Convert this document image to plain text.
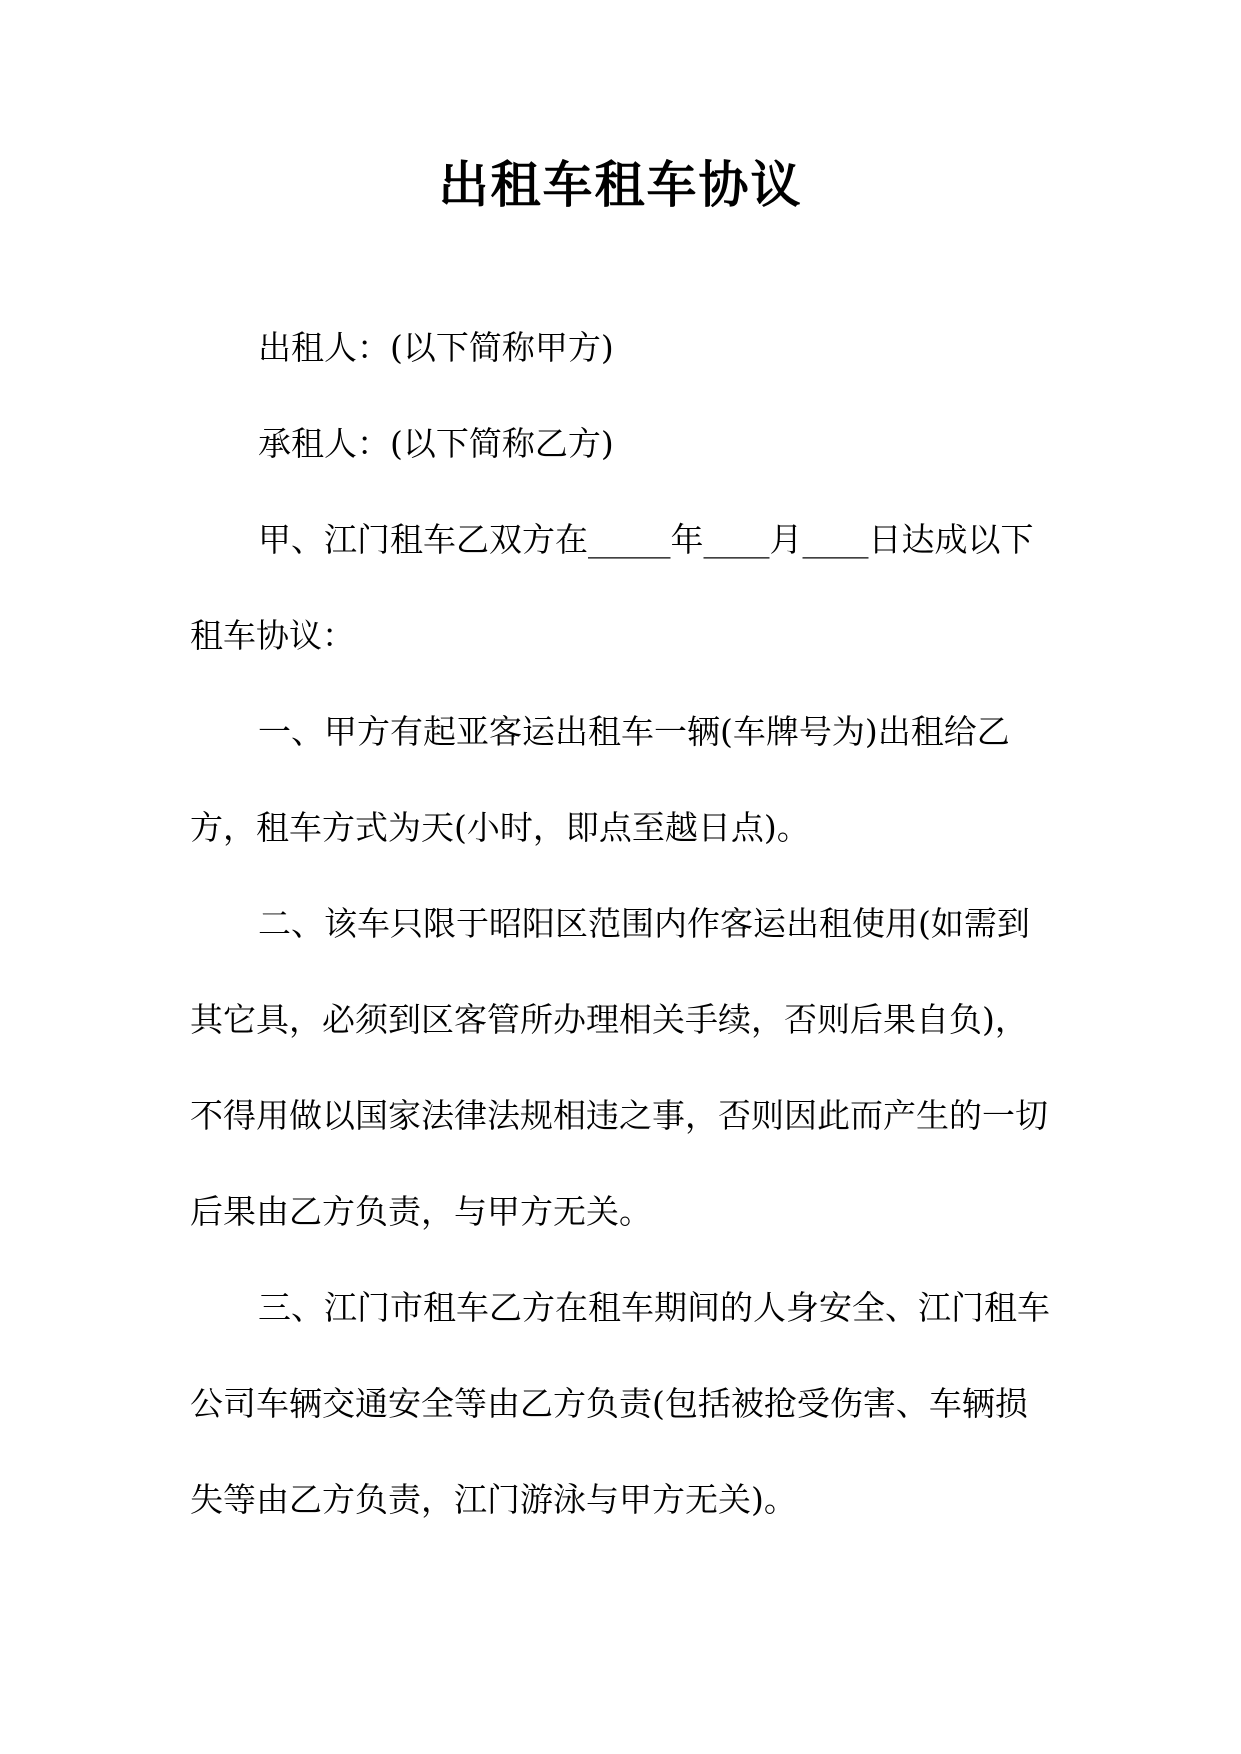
出租车租车协议

出租人：(以下简称甲方)

承租人：(以下简称乙方)

甲、江门租车乙双方在_____年____月____日达成以下租车协议：

一、甲方有起亚客运出租车一辆(车牌号为)出租给乙方，租车方式为天(小时，即点至越日点)。

二、该车只限于昭阳区范围内作客运出租使用(如需到其它具，必须到区客管所办理相关手续，否则后果自负)，不得用做以国家法律法规相违之事，否则因此而产生的一切后果由乙方负责，与甲方无关。

三、江门市租车乙方在租车期间的人身安全、江门租车公司车辆交通安全等由乙方负责(包括被抢受伤害、车辆损失等由乙方负责，江门游泳与甲方无关)。
